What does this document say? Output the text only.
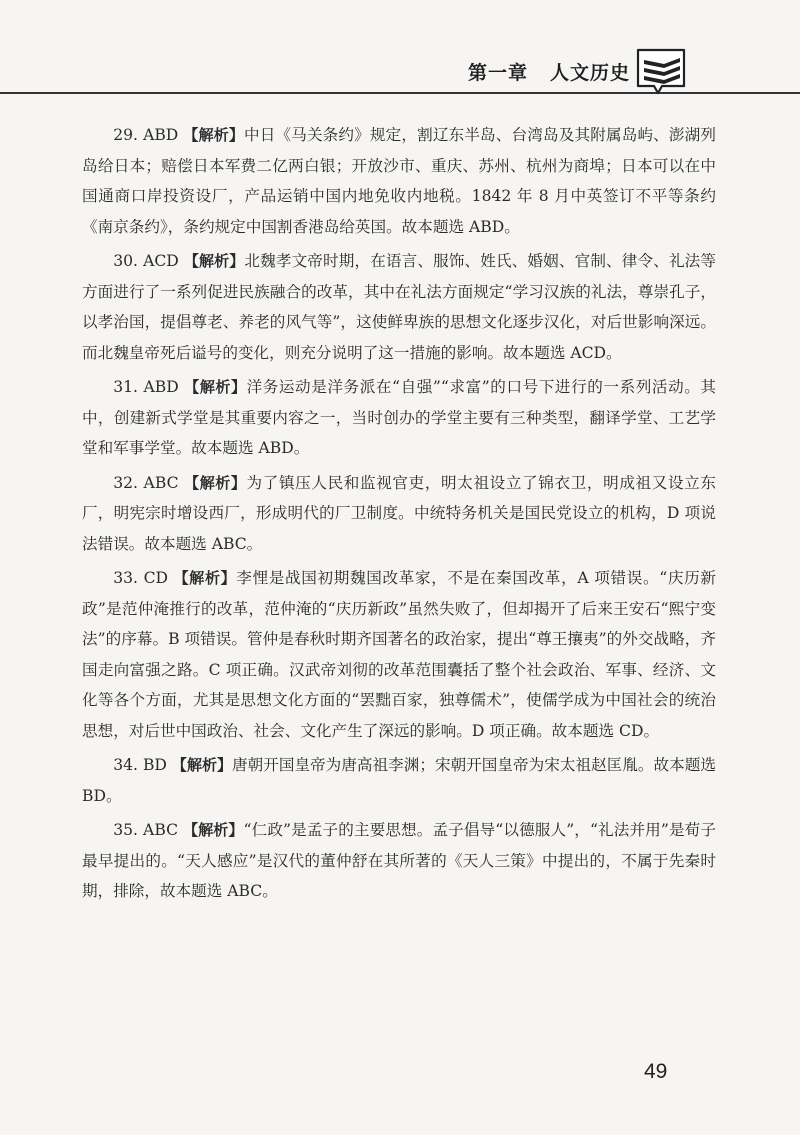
第一章 人文历史

29. ABD 【解析】中日《马关条约》规定，割辽东半岛、台湾岛及其附属岛屿、澎湖列岛给日本；赔偿日本军费二亿两白银；开放沙市、重庆、苏州、杭州为商埠；日本可以在中国通商口岸投资设厂，产品运销中国内地免收内地税。1842 年 8 月中英签订不平等条约《南京条约》，条约规定中国割香港岛给英国。故本题选 ABD。

30. ACD 【解析】北魏孝文帝时期，在语言、服饰、姓氏、婚姻、官制、律令、礼法等方面进行了一系列促进民族融合的改革，其中在礼法方面规定“学习汉族的礼法，尊崇孔子，以孝治国，提倡尊老、养老的风气等”，这使鲜卑族的思想文化逐步汉化，对后世影响深远。而北魏皇帝死后谥号的变化，则充分说明了这一措施的影响。故本题选 ACD。

31. ABD 【解析】洋务运动是洋务派在“自强”“求富”的口号下进行的一系列活动。其中，创建新式学堂是其重要内容之一，当时创办的学堂主要有三种类型，翻译学堂、工艺学堂和军事学堂。故本题选 ABD。

32. ABC 【解析】为了镇压人民和监视官吏，明太祖设立了锦衣卫，明成祖又设立东厂，明宪宗时增设西厂，形成明代的厂卫制度。中统特务机关是国民党设立的机构，D 项说法错误。故本题选 ABC。

33. CD 【解析】李悝是战国初期魏国改革家，不是在秦国改革，A 项错误。“庆历新政”是范仲淹推行的改革，范仲淹的“庆历新政”虽然失败了，但却揭开了后来王安石“熙宁变法”的序幕。B 项错误。管仲是春秋时期齐国著名的政治家，提出“尊王攘夷”的外交战略，齐国走向富强之路。C 项正确。汉武帝刘彻的改革范围囊括了整个社会政治、军事、经济、文化等各个方面，尤其是思想文化方面的“罢黜百家，独尊儒术”，使儒学成为中国社会的统治思想，对后世中国政治、社会、文化产生了深远的影响。D 项正确。故本题选 CD。

34. BD 【解析】唐朝开国皇帝为唐高祖李渊；宋朝开国皇帝为宋太祖赵匡胤。故本题选 BD。

35. ABC 【解析】“仁政”是孟子的主要思想。孟子倡导“以德服人”，“礼法并用”是荀子最早提出的。“天人感应”是汉代的董仲舒在其所著的《天人三策》中提出的，不属于先秦时期，排除，故本题选 ABC。

49
